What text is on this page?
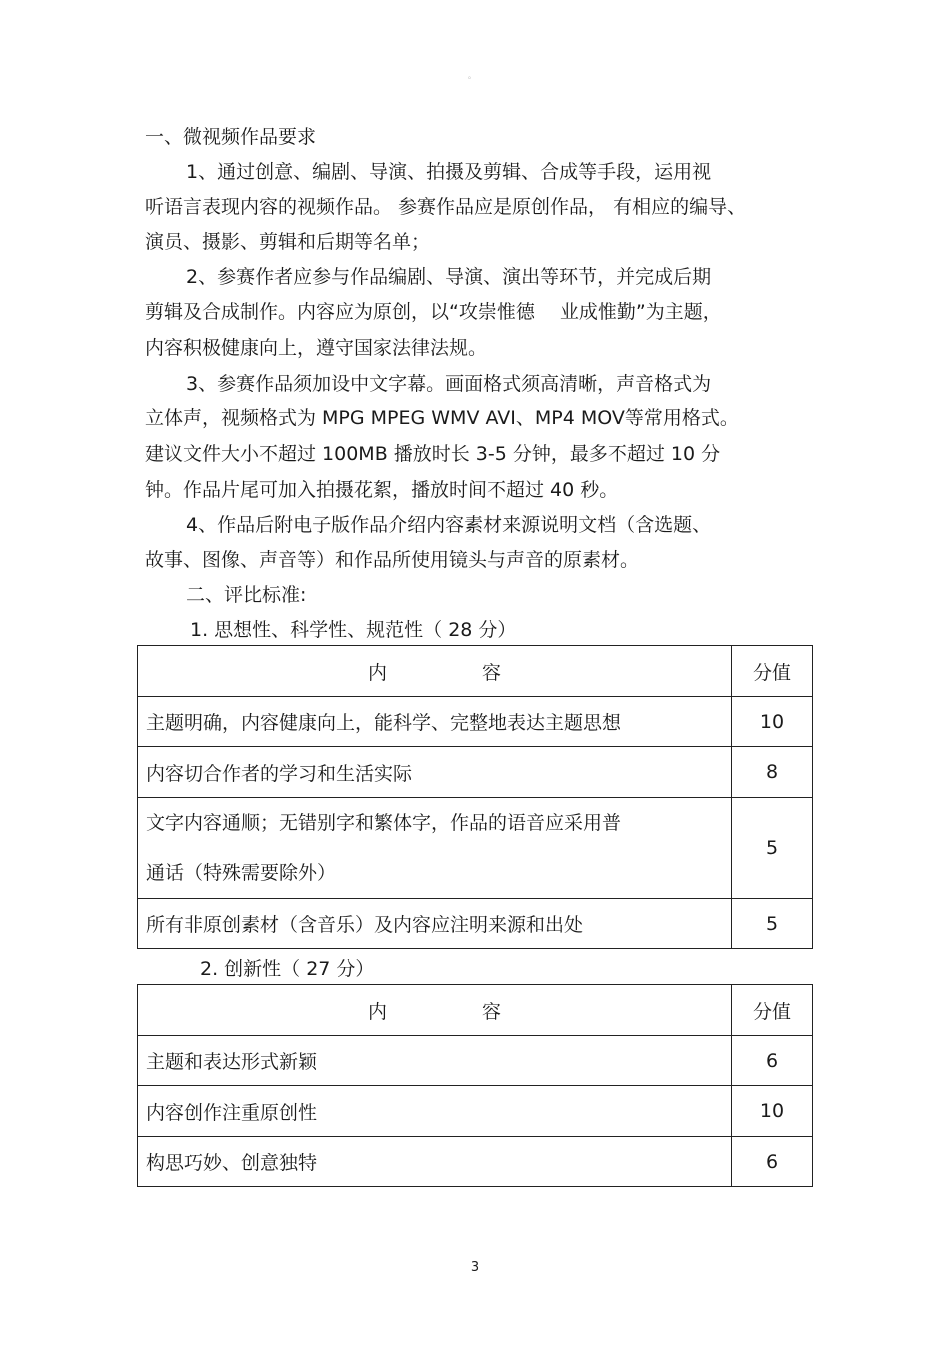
。
一、微视频作品要求
1、通过创意、编剧、导演、拍摄及剪辑、合成等手段，运用视
听语言表现内容的视频作品。 参赛作品应是原创作品， 有相应的编导、
演员、摄影、剪辑和后期等名单；
2、参赛作者应参与作品编剧、导演、演出等环节，并完成后期
剪辑及合成制作。内容应为原创，以“攻崇惟德　 业成惟勤”为主题，
内容积极健康向上，遵守国家法律法规。
3、参赛作品须加设中文字幕。画面格式须高清晰，声音格式为
立体声，视频格式为 MPG MPEG WMV AVI、MP4 MOV等常用格式。
建议文件大小不超过 100MB 播放时长 3-5 分钟，最多不超过 10 分
钟。作品片尾可加入拍摄花絮，播放时间不超过 40 秒。
4、作品后附电子版作品介绍内容素材来源说明文档（含选题、
故事、图像、声音等）和作品所使用镜头与声音的原素材。
二、评比标准:
1. 思想性、科学性、规范性（ 28 分）
内　　　　　容	分值
主题明确，内容健康向上，能科学、完整地表达主题思想	10
内容切合作者的学习和生活实际	8
文字内容通顺；无错别字和繁体字，作品的语音应采用普
通话（特殊需要除外）	5
所有非原创素材（含音乐）及内容应注明来源和出处	5
2. 创新性（ 27 分）
内　　　　　容	分值
主题和表达形式新颖	6
内容创作注重原创性	10
构思巧妙、创意独特	6
3
